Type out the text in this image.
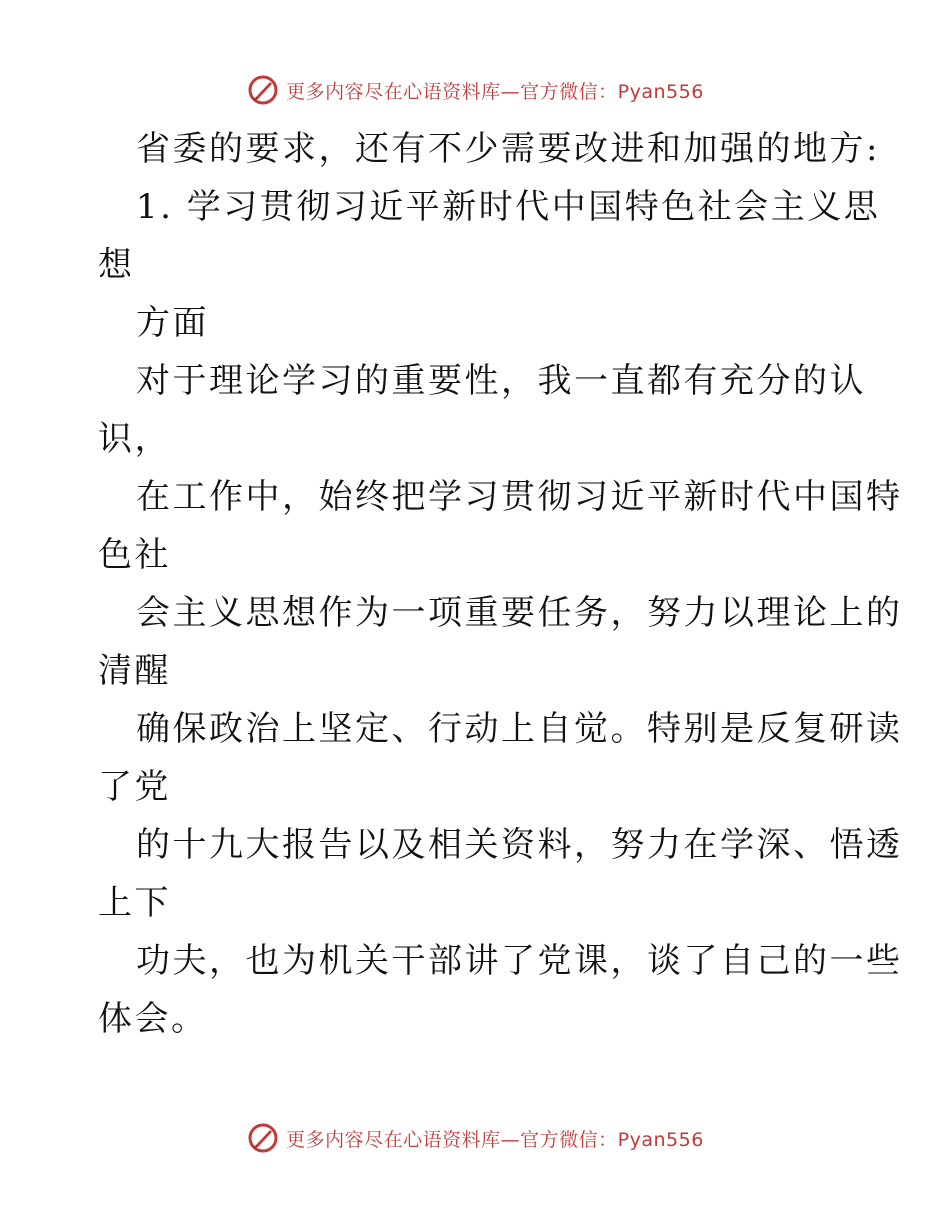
更多内容尽在心语资料库—官方微信：Pyan556
省委的要求，还有不少需要改进和加强的地方:
1. 学习贯彻习近平新时代中国特色社会主义思
想
方面
对于理论学习的重要性，我一直都有充分的认
识，
在工作中，始终把学习贯彻习近平新时代中国特
色社
会主义思想作为一项重要任务，努力以理论上的
清醒
确保政治上坚定、行动上自觉。特别是反复研读
了党
的十九大报告以及相关资料，努力在学深、悟透
上下
功夫，也为机关干部讲了党课，谈了自己的一些
体会。
更多内容尽在心语资料库—官方微信：Pyan556
